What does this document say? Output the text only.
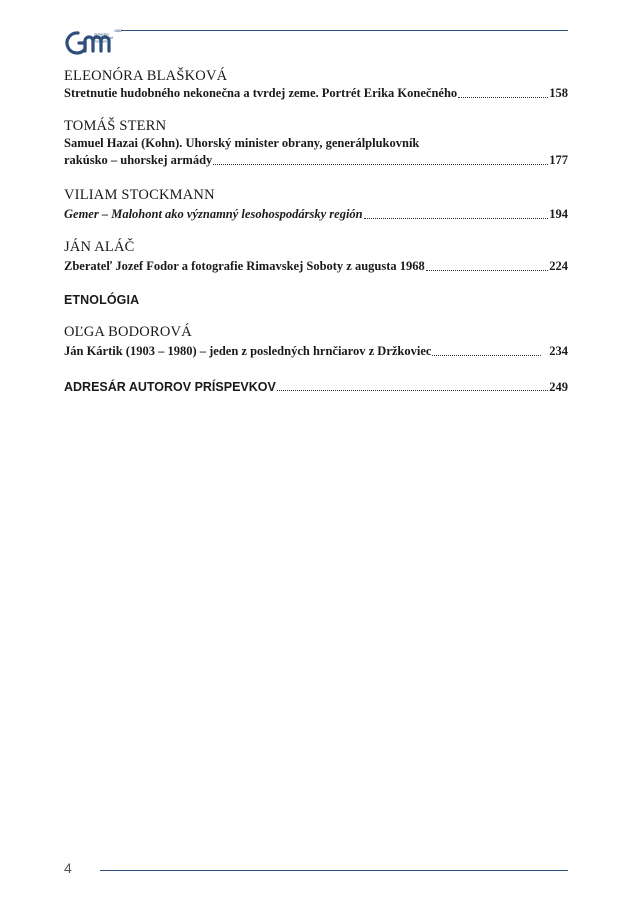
1882
gemersko
malohontské
múzeum
ELEONÓRA BLAŠKOVÁ
Stretnutie hudobného nekonečna a tvrdej zeme. Portrét Erika Konečného	158
TOMÁŠ STERN
Samuel Hazai (Kohn). Uhorský minister obrany, generálplukovník
rakúsko – uhorskej armády	177
VILIAM STOCKMANN
Gemer – Malohont ako významný lesohospodársky región	194
JÁN ALÁČ
Zberateľ Jozef Fodor a fotografie Rimavskej Soboty z augusta 1968	224
ETNOLÓGIA
OĽGA BODOROVÁ
Ján Kártik (1903 – 1980) – jeden z posledných hrnčiarov z Držkoviec	234
ADRESÁR AUTOROV PRÍSPEVKOV	249
4
